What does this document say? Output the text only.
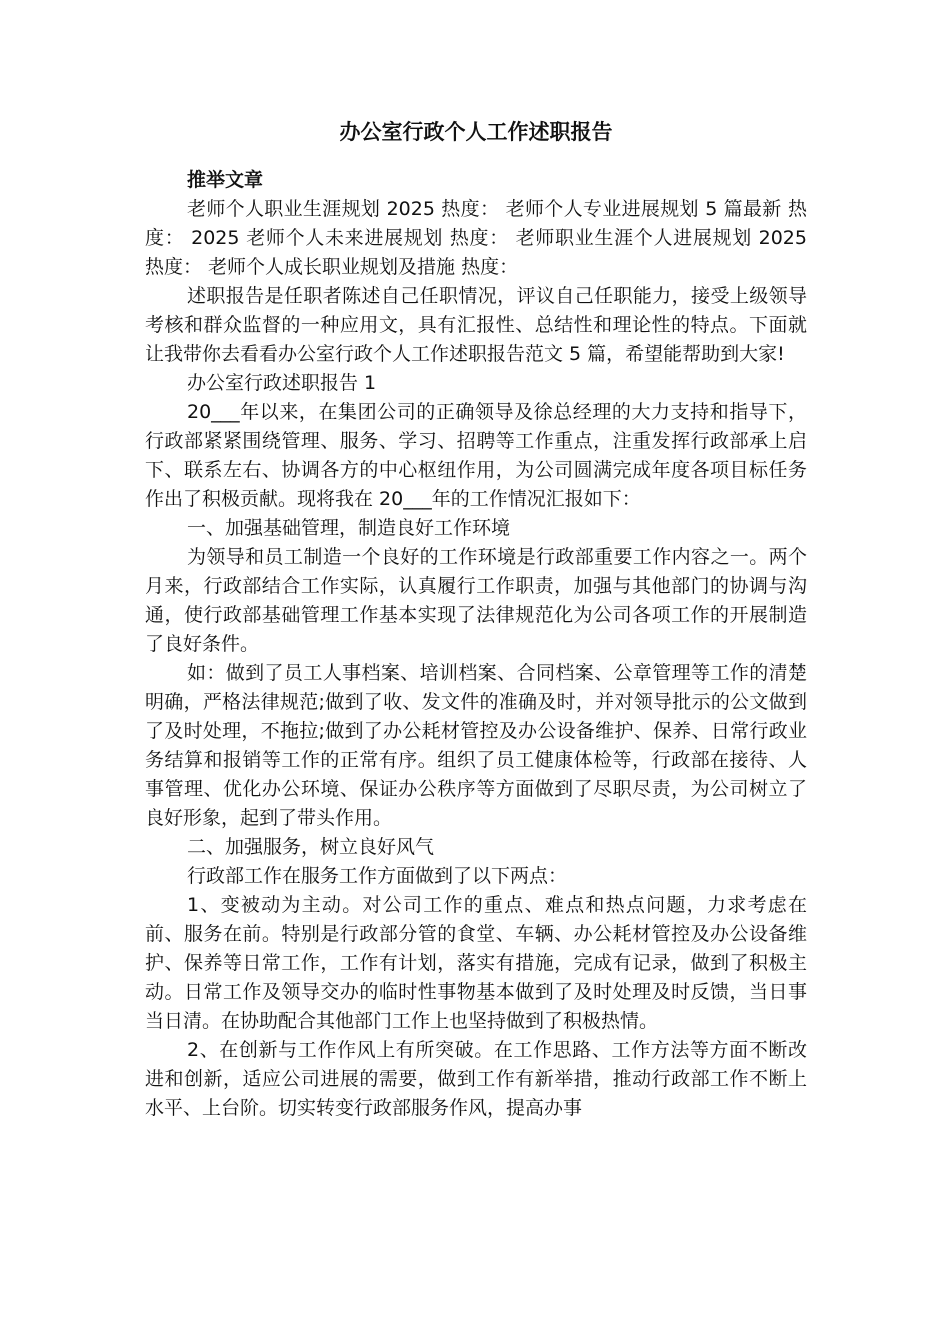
办公室行政个人工作述职报告

推举文章

老师个人职业生涯规划 2025 热度： 老师个人专业进展规划 5 篇最新 热度： 2025 老师个人未来进展规划 热度： 老师职业生涯个人进展规划 2025 热度： 老师个人成长职业规划及措施 热度：

述职报告是任职者陈述自己任职情况，评议自己任职能力，接受上级领导考核和群众监督的一种应用文，具有汇报性、总结性和理论性的特点。下面就让我带你去看看办公室行政个人工作述职报告范文 5 篇，希望能帮助到大家!

办公室行政述职报告 1

20___年以来，在集团公司的正确领导及徐总经理的大力支持和指导下，行政部紧紧围绕管理、服务、学习、招聘等工作重点，注重发挥行政部承上启下、联系左右、协调各方的中心枢纽作用，为公司圆满完成年度各项目标任务作出了积极贡献。现将我在 20___年的工作情况汇报如下：

一、加强基础管理，制造良好工作环境

为领导和员工制造一个良好的工作环境是行政部重要工作内容之一。两个月来，行政部结合工作实际，认真履行工作职责，加强与其他部门的协调与沟通，使行政部基础管理工作基本实现了法律规范化为公司各项工作的开展制造了良好条件。

如：做到了员工人事档案、培训档案、合同档案、公章管理等工作的清楚明确，严格法律规范;做到了收、发文件的准确及时，并对领导批示的公文做到了及时处理，不拖拉;做到了办公耗材管控及办公设备维护、保养、日常行政业务结算和报销等工作的正常有序。组织了员工健康体检等，行政部在接待、人事管理、优化办公环境、保证办公秩序等方面做到了尽职尽责，为公司树立了良好形象，起到了带头作用。

二、加强服务，树立良好风气

行政部工作在服务工作方面做到了以下两点：

1、变被动为主动。对公司工作的重点、难点和热点问题，力求考虑在前、服务在前。特别是行政部分管的食堂、车辆、办公耗材管控及办公设备维护、保养等日常工作，工作有计划，落实有措施，完成有记录，做到了积极主动。日常工作及领导交办的临时性事物基本做到了及时处理及时反馈，当日事当日清。在协助配合其他部门工作上也坚持做到了积极热情。

2、在创新与工作作风上有所突破。在工作思路、工作方法等方面不断改进和创新，适应公司进展的需要，做到工作有新举措，推动行政部工作不断上水平、上台阶。切实转变行政部服务作风，提高办事
